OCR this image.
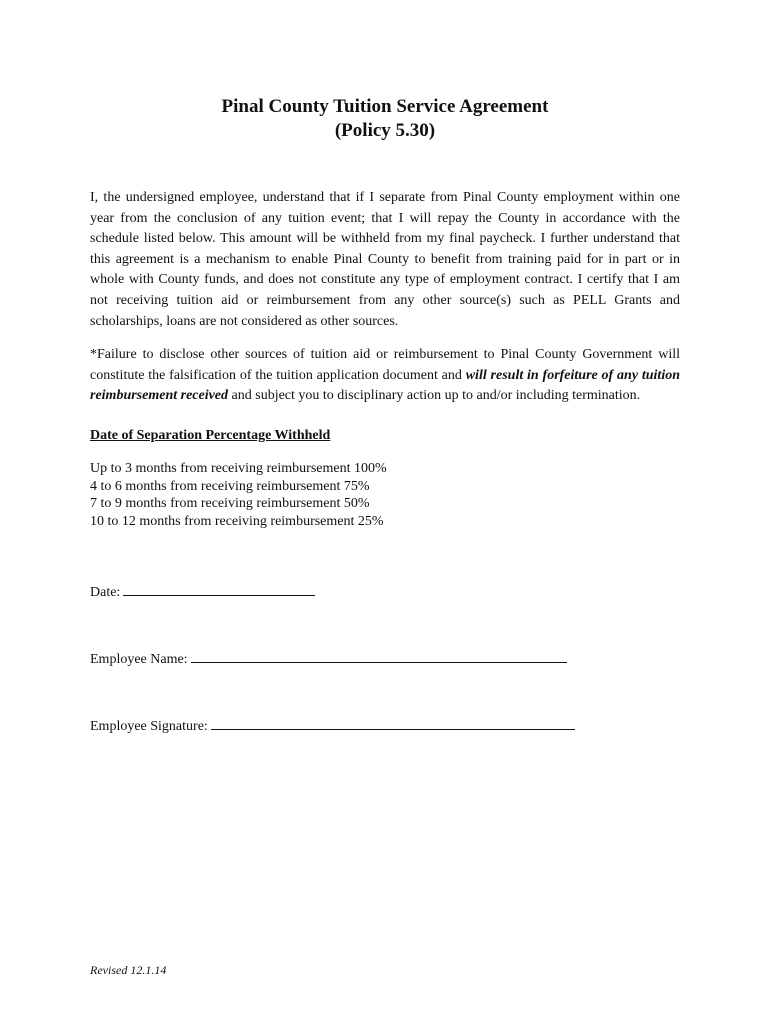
Pinal County Tuition Service Agreement
(Policy 5.30)

I, the undersigned employee, understand that if I separate from Pinal County employment within one year from the conclusion of any tuition event; that I will repay the County in accordance with the schedule listed below. This amount will be withheld from my final paycheck. I further understand that this agreement is a mechanism to enable Pinal County to benefit from training paid for in part or in whole with County funds, and does not constitute any type of employment contract. I certify that I am not receiving tuition aid or reimbursement from any other source(s) such as PELL Grants and scholarships, loans are not considered as other sources.

*Failure to disclose other sources of tuition aid or reimbursement to Pinal County Government will constitute the falsification of the tuition application document and will result in forfeiture of any tuition reimbursement received and subject you to disciplinary action up to and/or including termination.

Date of Separation Percentage Withheld
Up to 3 months from receiving reimbursement 100%
4 to 6 months from receiving reimbursement 75%
7 to 9 months from receiving reimbursement 50%
10 to 12 months from receiving reimbursement 25%
Date:
Employee Name:
Employee Signature:
Revised 12.1.14
